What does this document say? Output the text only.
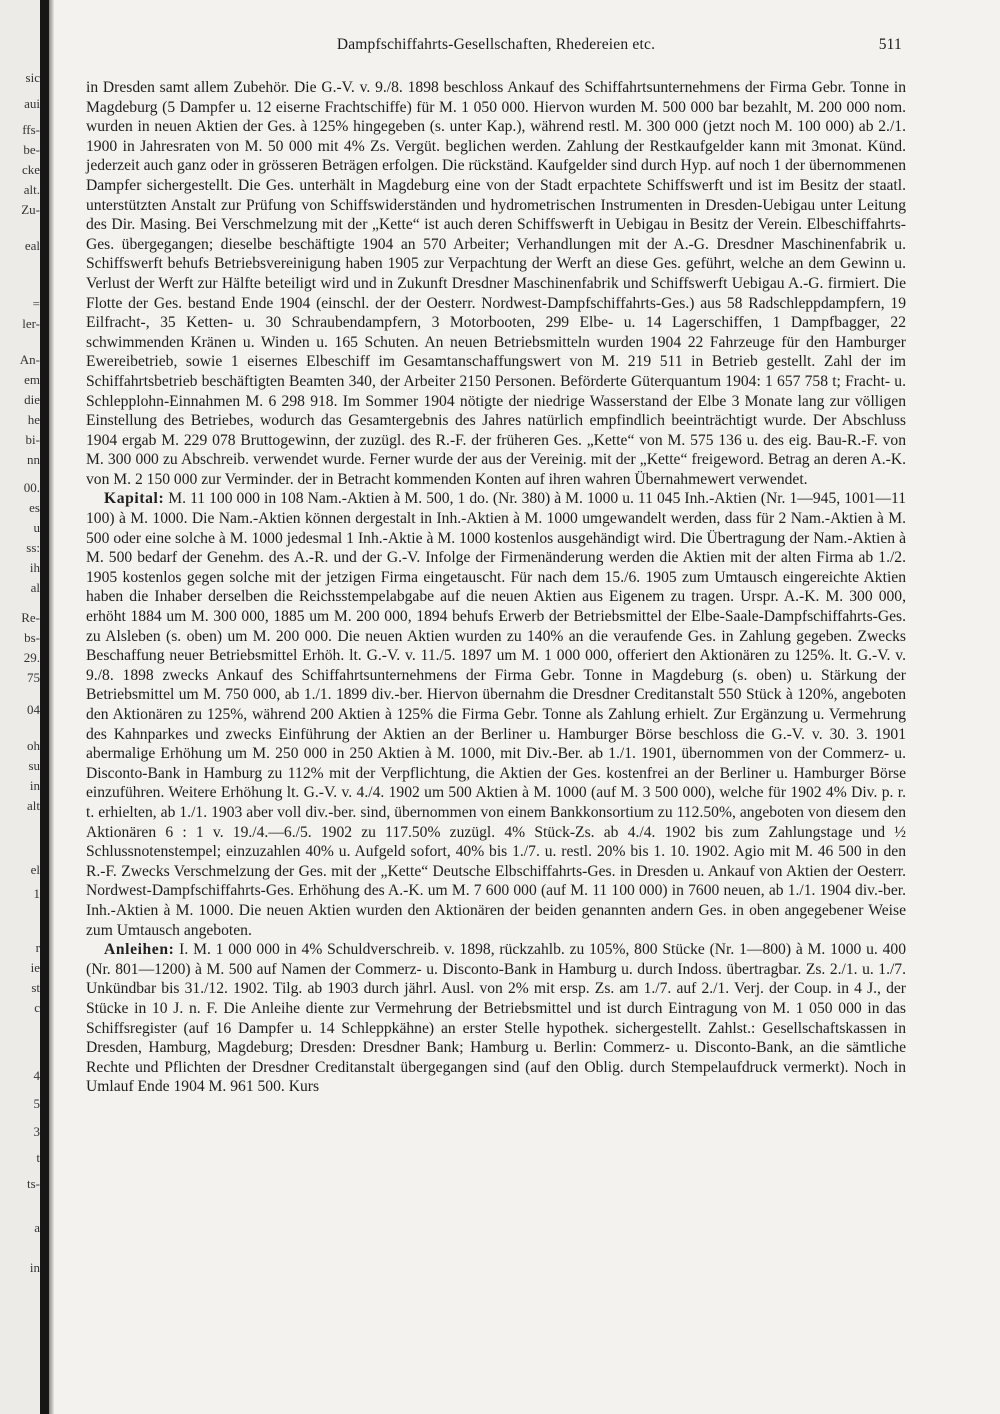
sic
aui
ffs-
be-
cke
alt.
Zu-
eal
=
ler-
An-
em
die
he
bi-
nn
00.
es
u
ss:
ih
al
Re-
bs-
29.
75
04
oh
su
in
alt
el
1
r
ie
st
c
4
5
3
t
ts-
a
in
Dampfschiffahrts-Gesellschaften, Rhedereien etc.	511

in Dresden samt allem Zubehör. Die G.-V. v. 9./8. 1898 beschloss Ankauf des Schiffahrtsunternehmens der Firma Gebr. Tonne in Magdeburg (5 Dampfer u. 12 eiserne Frachtschiffe) für M. 1 050 000. Hiervon wurden M. 500 000 bar bezahlt, M. 200 000 nom. wurden in neuen Aktien der Ges. à 125% hingegeben (s. unter Kap.), während restl. M. 300 000 (jetzt noch M. 100 000) ab 2./1. 1900 in Jahresraten von M. 50 000 mit 4% Zs. Vergüt. beglichen werden. Zahlung der Restkaufgelder kann mit 3monat. Künd. jederzeit auch ganz oder in grösseren Beträgen erfolgen. Die rückständ. Kaufgelder sind durch Hyp. auf noch 1 der übernommenen Dampfer sichergestellt. Die Ges. unterhält in Magdeburg eine von der Stadt erpachtete Schiffswerft und ist im Besitz der staatl. unterstützten Anstalt zur Prüfung von Schiffswiderständen und hydrometrischen Instrumenten in Dresden-Uebigau unter Leitung des Dir. Masing. Bei Verschmelzung mit der „Kette“ ist auch deren Schiffswerft in Uebigau in Besitz der Verein. Elbeschiffahrts-Ges. übergegangen; dieselbe beschäftigte 1904 an 570 Arbeiter; Verhandlungen mit der A.-G. Dresdner Maschinenfabrik u. Schiffswerft behufs Betriebsvereinigung haben 1905 zur Verpachtung der Werft an diese Ges. geführt, welche an dem Gewinn u. Verlust der Werft zur Hälfte beteiligt wird und in Zukunft Dresdner Maschinenfabrik und Schiffswerft Uebigau A.-G. firmiert. Die Flotte der Ges. bestand Ende 1904 (einschl. der der Oesterr. Nordwest-Dampfschiffahrts-Ges.) aus 58 Radschleppdampfern, 19 Eilfracht-, 35 Ketten- u. 30 Schraubendampfern, 3 Motorbooten, 299 Elbe- u. 14 Lagerschiffen, 1 Dampfbagger, 22 schwimmenden Kränen u. Winden u. 165 Schuten. An neuen Betriebsmitteln wurden 1904 22 Fahrzeuge für den Hamburger Ewereibetrieb, sowie 1 eisernes Elbeschiff im Gesamtanschaffungswert von M. 219 511 in Betrieb gestellt. Zahl der im Schiffahrtsbetrieb beschäftigten Beamten 340, der Arbeiter 2150 Personen. Beförderte Güterquantum 1904: 1 657 758 t; Fracht- u. Schlepplohn-Einnahmen M. 6 298 918. Im Sommer 1904 nötigte der niedrige Wasserstand der Elbe 3 Monate lang zur völligen Einstellung des Betriebes, wodurch das Gesamtergebnis des Jahres natürlich empfindlich beeinträchtigt wurde. Der Abschluss 1904 ergab M. 229 078 Bruttogewinn, der zuzügl. des R.-F. der früheren Ges. „Kette“ von M. 575 136 u. des eig. Bau-R.-F. von M. 300 000 zu Abschreib. verwendet wurde. Ferner wurde der aus der Vereinig. mit der „Kette“ freigeword. Betrag an deren A.-K. von M. 2 150 000 zur Verminder. der in Betracht kommenden Konten auf ihren wahren Übernahmewert verwendet.

Kapital: M. 11 100 000 in 108 Nam.-Aktien à M. 500, 1 do. (Nr. 380) à M. 1000 u. 11 045 Inh.-Aktien (Nr. 1—945, 1001—11 100) à M. 1000. Die Nam.-Aktien können dergestalt in Inh.-Aktien à M. 1000 umgewandelt werden, dass für 2 Nam.-Aktien à M. 500 oder eine solche à M. 1000 jedesmal 1 Inh.-Aktie à M. 1000 kostenlos ausgehändigt wird. Die Übertragung der Nam.-Aktien à M. 500 bedarf der Genehm. des A.-R. und der G.-V. Infolge der Firmenänderung werden die Aktien mit der alten Firma ab 1./2. 1905 kostenlos gegen solche mit der jetzigen Firma eingetauscht. Für nach dem 15./6. 1905 zum Umtausch eingereichte Aktien haben die Inhaber derselben die Reichsstempelabgabe auf die neuen Aktien aus Eigenem zu tragen. Urspr. A.-K. M. 300 000, erhöht 1884 um M. 300 000, 1885 um M. 200 000, 1894 behufs Erwerb der Betriebsmittel der Elbe-Saale-Dampfschiffahrts-Ges. zu Alsleben (s. oben) um M. 200 000. Die neuen Aktien wurden zu 140% an die veraufende Ges. in Zahlung gegeben. Zwecks Beschaffung neuer Betriebsmittel Erhöh. lt. G.-V. v. 11./5. 1897 um M. 1 000 000, offeriert den Aktionären zu 125%. lt. G.-V. v. 9./8. 1898 zwecks Ankauf des Schiffahrtsunternehmens der Firma Gebr. Tonne in Magdeburg (s. oben) u. Stärkung der Betriebsmittel um M. 750 000, ab 1./1. 1899 div.-ber. Hiervon übernahm die Dresdner Creditanstalt 550 Stück à 120%, angeboten den Aktionären zu 125%, während 200 Aktien à 125% die Firma Gebr. Tonne als Zahlung erhielt. Zur Ergänzung u. Vermehrung des Kahnparkes und zwecks Einführung der Aktien an der Berliner u. Hamburger Börse beschloss die G.-V. v. 30. 3. 1901 abermalige Erhöhung um M. 250 000 in 250 Aktien à M. 1000, mit Div.-Ber. ab 1./1. 1901, übernommen von der Commerz- u. Disconto-Bank in Hamburg zu 112% mit der Verpflichtung, die Aktien der Ges. kostenfrei an der Berliner u. Hamburger Börse einzuführen. Weitere Erhöhung lt. G.-V. v. 4./4. 1902 um 500 Aktien à M. 1000 (auf M. 3 500 000), welche für 1902 4% Div. p. r. t. erhielten, ab 1./1. 1903 aber voll div.-ber. sind, übernommen von einem Bankkonsortium zu 112.50%, angeboten von diesem den Aktionären 6 : 1 v. 19./4.—6./5. 1902 zu 117.50% zuzügl. 4% Stück-Zs. ab 4./4. 1902 bis zum Zahlungstage und ½ Schlussnotenstempel; einzuzahlen 40% u. Aufgeld sofort, 40% bis 1./7. u. restl. 20% bis 1. 10. 1902. Agio mit M. 46 500 in den R.-F. Zwecks Verschmelzung der Ges. mit der „Kette“ Deutsche Elbschiffahrts-Ges. in Dresden u. Ankauf von Aktien der Oesterr. Nordwest-Dampfschiffahrts-Ges. Erhöhung des A.-K. um M. 7 600 000 (auf M. 11 100 000) in 7600 neuen, ab 1./1. 1904 div.-ber. Inh.-Aktien à M. 1000. Die neuen Aktien wurden den Aktionären der beiden genannten andern Ges. in oben angegebener Weise zum Umtausch angeboten.

Anleihen: I. M. 1 000 000 in 4% Schuldverschreib. v. 1898, rückzahlb. zu 105%, 800 Stücke (Nr. 1—800) à M. 1000 u. 400 (Nr. 801—1200) à M. 500 auf Namen der Commerz- u. Disconto-Bank in Hamburg u. durch Indoss. übertragbar. Zs. 2./1. u. 1./7. Unkündbar bis 31./12. 1902. Tilg. ab 1903 durch jährl. Ausl. von 2% mit ersp. Zs. am 1./7. auf 2./1. Verj. der Coup. in 4 J., der Stücke in 10 J. n. F. Die Anleihe diente zur Vermehrung der Betriebsmittel und ist durch Eintragung von M. 1 050 000 in das Schiffsregister (auf 16 Dampfer u. 14 Schleppkähne) an erster Stelle hypothek. sichergestellt. Zahlst.: Gesellschaftskassen in Dresden, Hamburg, Magdeburg; Dresden: Dresdner Bank; Hamburg u. Berlin: Commerz- u. Disconto-Bank, an die sämtliche Rechte und Pflichten der Dresdner Creditanstalt übergegangen sind (auf den Oblig. durch Stempelaufdruck vermerkt). Noch in Umlauf Ende 1904 M. 961 500. Kurs
